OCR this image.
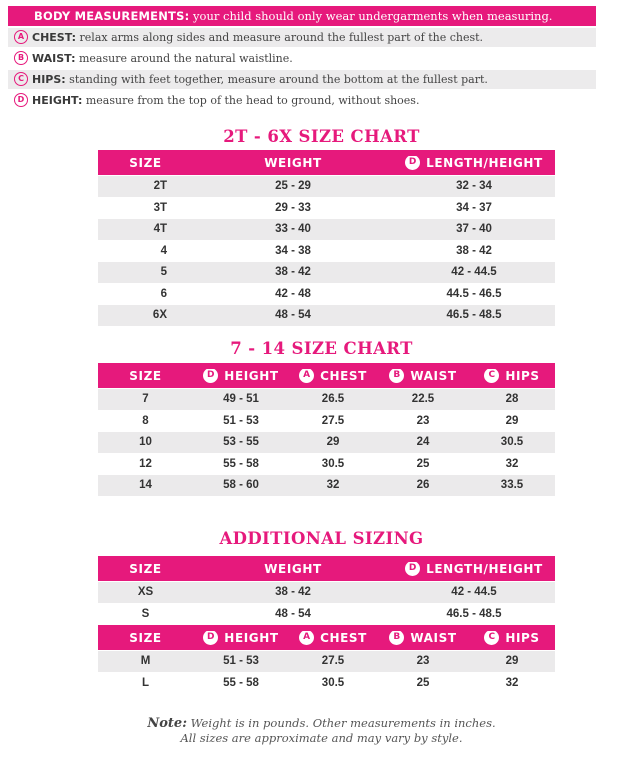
BODY MEASUREMENTS: your child should only wear undergarments when measuring.
A CHEST: relax arms along sides and measure around the fullest part of the chest.
B WAIST: measure around the natural waistline.
C HIPS: standing with feet together, measure around the bottom at the fullest part.
D HEIGHT: measure from the top of the head to ground, without shoes.
2T - 6X SIZE CHART
SIZE	WEIGHT	D LENGTH/HEIGHT
2T	25 - 29	32 - 34
3T	29 - 33	34 - 37
4T	33 - 40	37 - 40
4	34 - 38	38 - 42
5	38 - 42	42 - 44.5
6	42 - 48	44.5 - 46.5
6X	48 - 54	46.5 - 48.5
7 - 14 SIZE CHART
SIZE	D HEIGHT	A CHEST	B WAIST	C HIPS
7	49 - 51	26.5	22.5	28
8	51 - 53	27.5	23	29
10	53 - 55	29	24	30.5
12	55 - 58	30.5	25	32
14	58 - 60	32	26	33.5
ADDITIONAL SIZING
SIZE	WEIGHT	D LENGTH/HEIGHT
XS	38 - 42	42 - 44.5
S	48 - 54	46.5 - 48.5
SIZE	D HEIGHT	A CHEST	B WAIST	C HIPS
M	51 - 53	27.5	23	29
L	55 - 58	30.5	25	32
Note: Weight is in pounds. Other measurements in inches.
All sizes are approximate and may vary by style.
